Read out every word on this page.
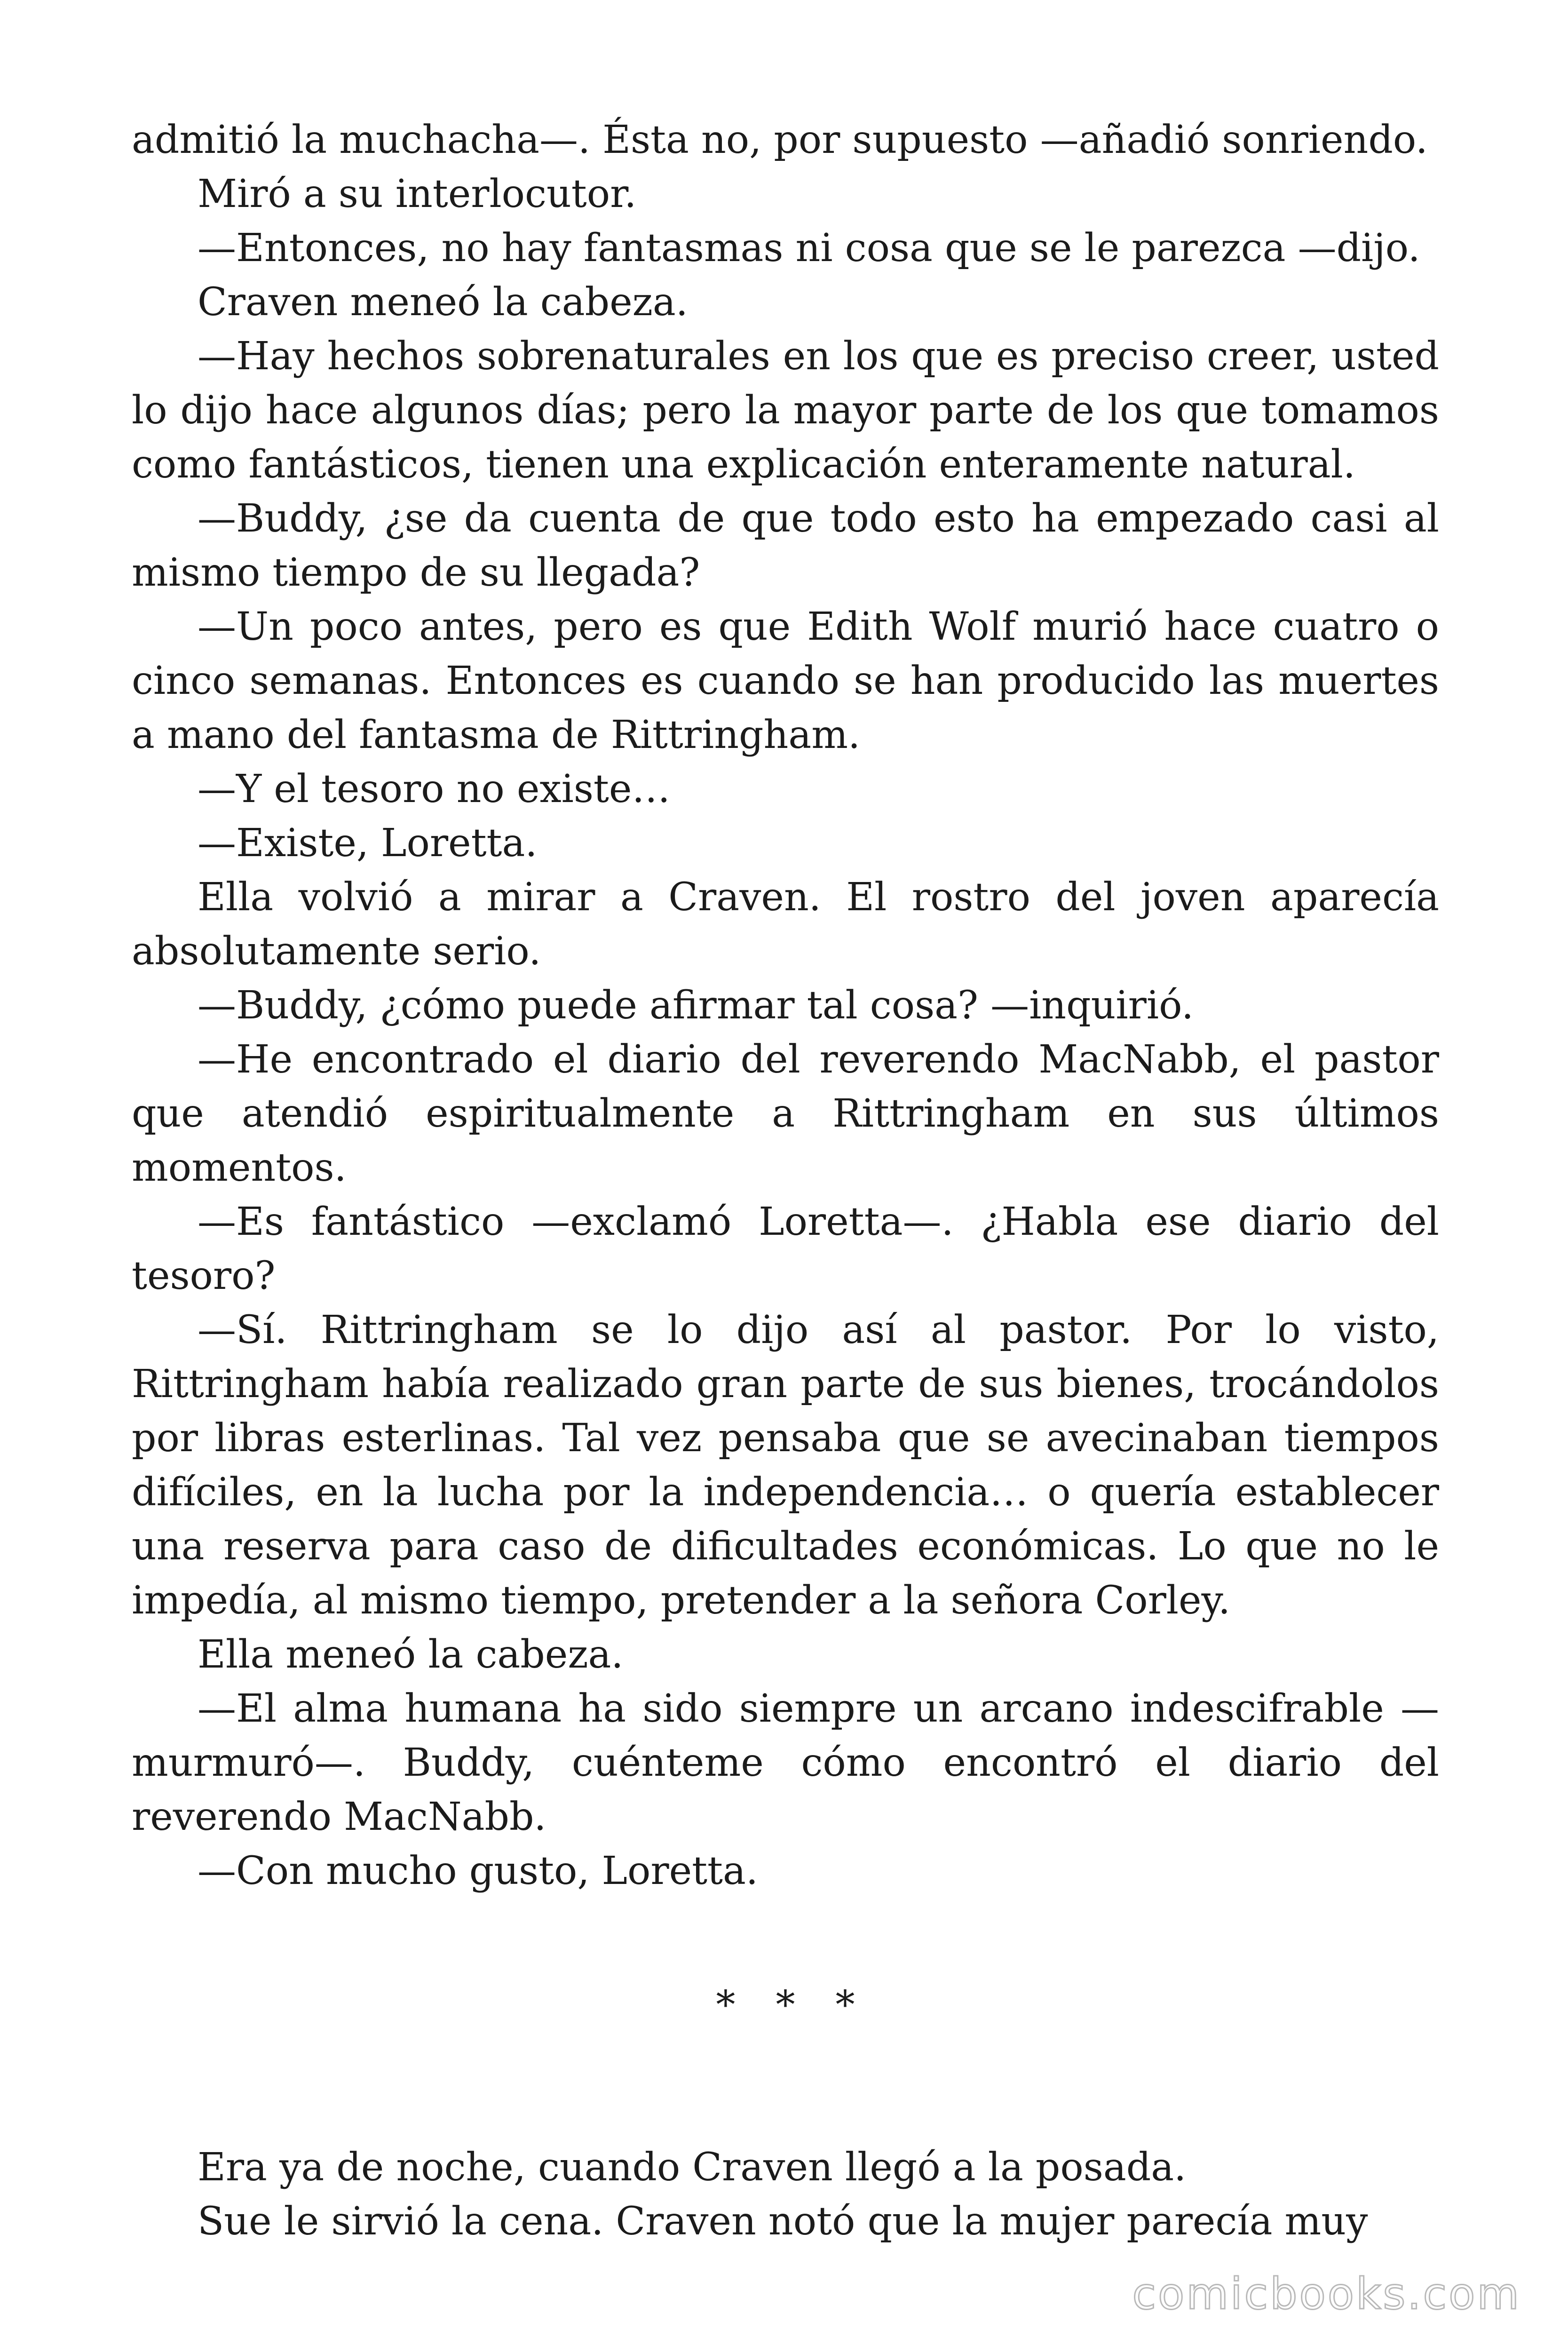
admitió la muchacha—. Ésta no, por supuesto —añadió sonriendo.

Miró a su interlocutor.

—Entonces, no hay fantasmas ni cosa que se le parezca —dijo.

Craven meneó la cabeza.

—Hay hechos sobrenaturales en los que es preciso creer, usted lo dijo hace algunos días; pero la mayor parte de los que tomamos como fantásticos, tienen una explicación enteramente natural.

—Buddy, ¿se da cuenta de que todo esto ha empezado casi al mismo tiempo de su llegada?

—Un poco antes, pero es que Edith Wolf murió hace cuatro o cinco semanas. Entonces es cuando se han producido las muertes a mano del fantasma de Rittringham.

—Y el tesoro no existe…

—Existe, Loretta.

Ella volvió a mirar a Craven. El rostro del joven aparecía absolutamente serio.

—Buddy, ¿cómo puede afirmar tal cosa? —inquirió.

—He encontrado el diario del reverendo MacNabb, el pastor que atendió espiritualmente a Rittringham en sus últimos momentos.

—Es fantástico —exclamó Loretta—. ¿Habla ese diario del tesoro?

—Sí. Rittringham se lo dijo así al pastor. Por lo visto, Rittringham había realizado gran parte de sus bienes, trocándolos por libras esterlinas. Tal vez pensaba que se avecinaban tiempos difíciles, en la lucha por la independencia… o quería establecer una reserva para caso de dificultades económicas. Lo que no le impedía, al mismo tiempo, pretender a la señora Corley.

Ella meneó la cabeza.

—El alma humana ha sido siempre un arcano indescifrable —murmuró—. Buddy, cuénteme cómo encontró el diario del reverendo MacNabb.

—Con mucho gusto, Loretta.

* * *

Era ya de noche, cuando Craven llegó a la posada.

Sue le sirvió la cena. Craven notó que la mujer parecía muy

comicbooks.com
